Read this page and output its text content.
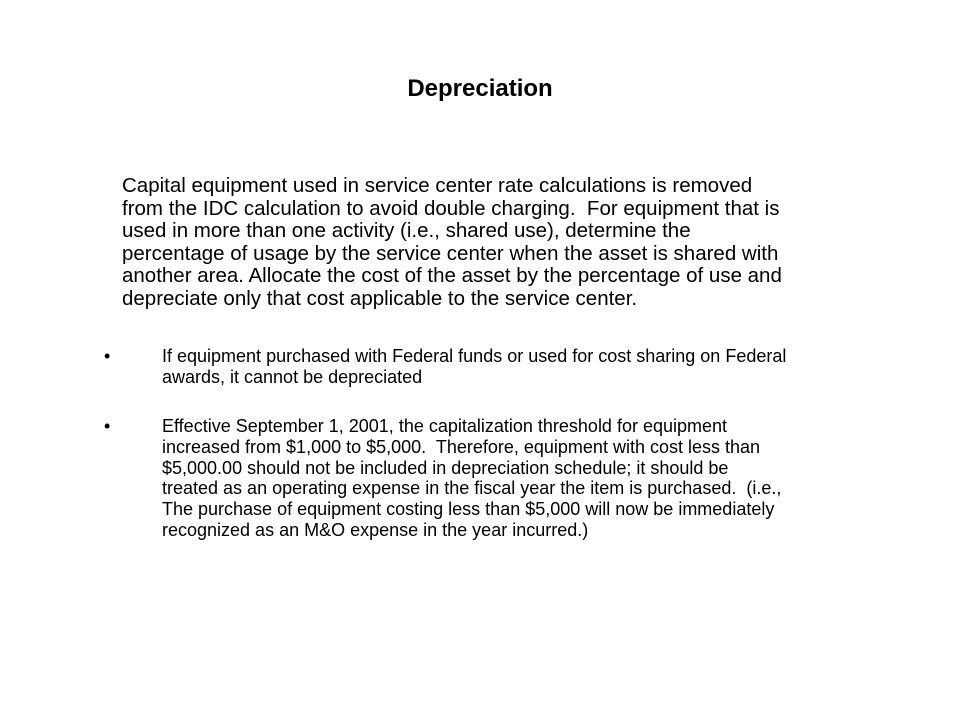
Depreciation
Capital equipment used in service center rate calculations is removed
from the IDC calculation to avoid double charging.  For equipment that is
used in more than one activity (i.e., shared use), determine the
percentage of usage by the service center when the asset is shared with
another area. Allocate the cost of the asset by the percentage of use and
depreciate only that cost applicable to the service center.
•	If equipment purchased with Federal funds or used for cost sharing on Federal
awards, it cannot be depreciated
•	Effective September 1, 2001, the capitalization threshold for equipment
increased from $1,000 to $5,000.  Therefore, equipment with cost less than
$5,000.00 should not be included in depreciation schedule; it should be
treated as an operating expense in the fiscal year the item is purchased.  (i.e.,
The purchase of equipment costing less than $5,000 will now be immediately
recognized as an M&O expense in the year incurred.)
